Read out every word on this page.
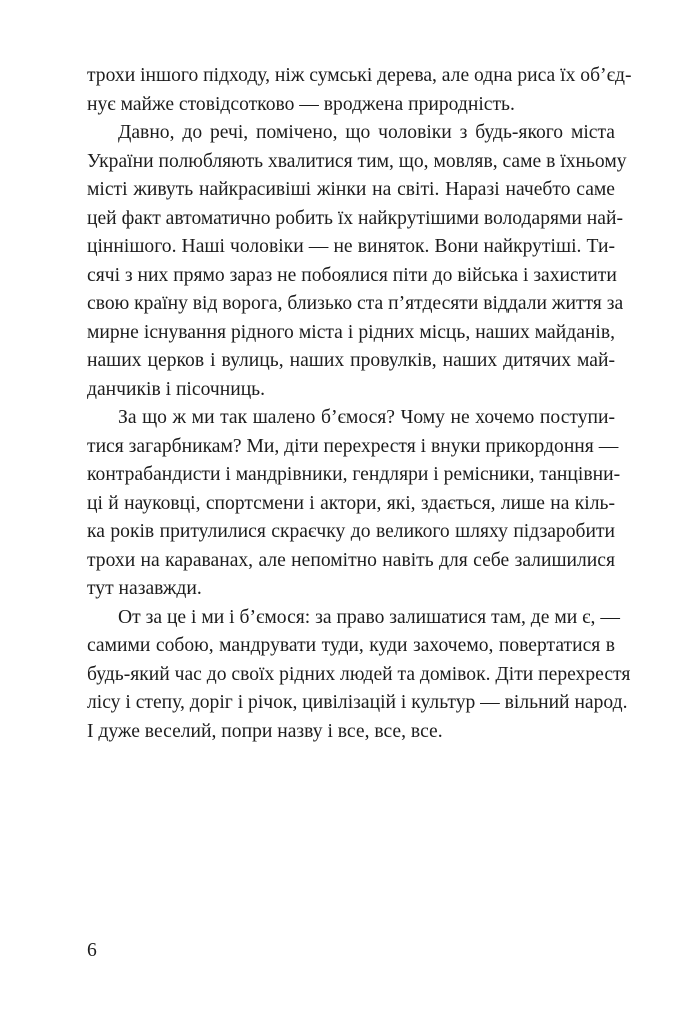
трохи іншого підходу, ніж сумські дерева, але одна риса їх об’єд-
нує майже стовідсотково — вроджена природність.
Давно, до речі, помічено, що чоловіки з будь-якого міста
України полюбляють хвалитися тим, що, мовляв, саме в їхньому
місті живуть найкрасивіші жінки на світі. Наразі начебто саме
цей факт автоматично робить їх найкрутішими володарями най-
ціннішого. Наші чоловіки — не виняток. Вони найкрутіші. Ти-
сячі з них прямо зараз не побоялися піти до війська і захистити
свою країну від ворога, близько ста п’ятдесяти віддали життя за
мирне існування рідного міста і рідних місць, наших майданів,
наших церков і вулиць, наших провулків, наших дитячих май-
данчиків і пісочниць.
За що ж ми так шалено б’ємося? Чому не хочемо поступи-
тися загарбникам? Ми, діти перехрестя і внуки прикордоння —
контрабандисти і мандрівники, гендляри і ремісники, танцівни-
ці й науковці, спортсмени і актори, які, здається, лише на кіль-
ка років притулилися скраєчку до великого шляху підзаробити
трохи на караванах, але непомітно навіть для себе залишилися
тут назавжди.
От за це і ми і б’ємося: за право залишатися там, де ми є, —
самими собою, мандрувати туди, куди захочемо, повертатися в
будь-який час до своїх рідних людей та домівок. Діти перехрестя
лісу і степу, доріг і річок, цивілізацій і культур — вільний народ.
І дуже веселий, попри назву і все, все, все.
6
